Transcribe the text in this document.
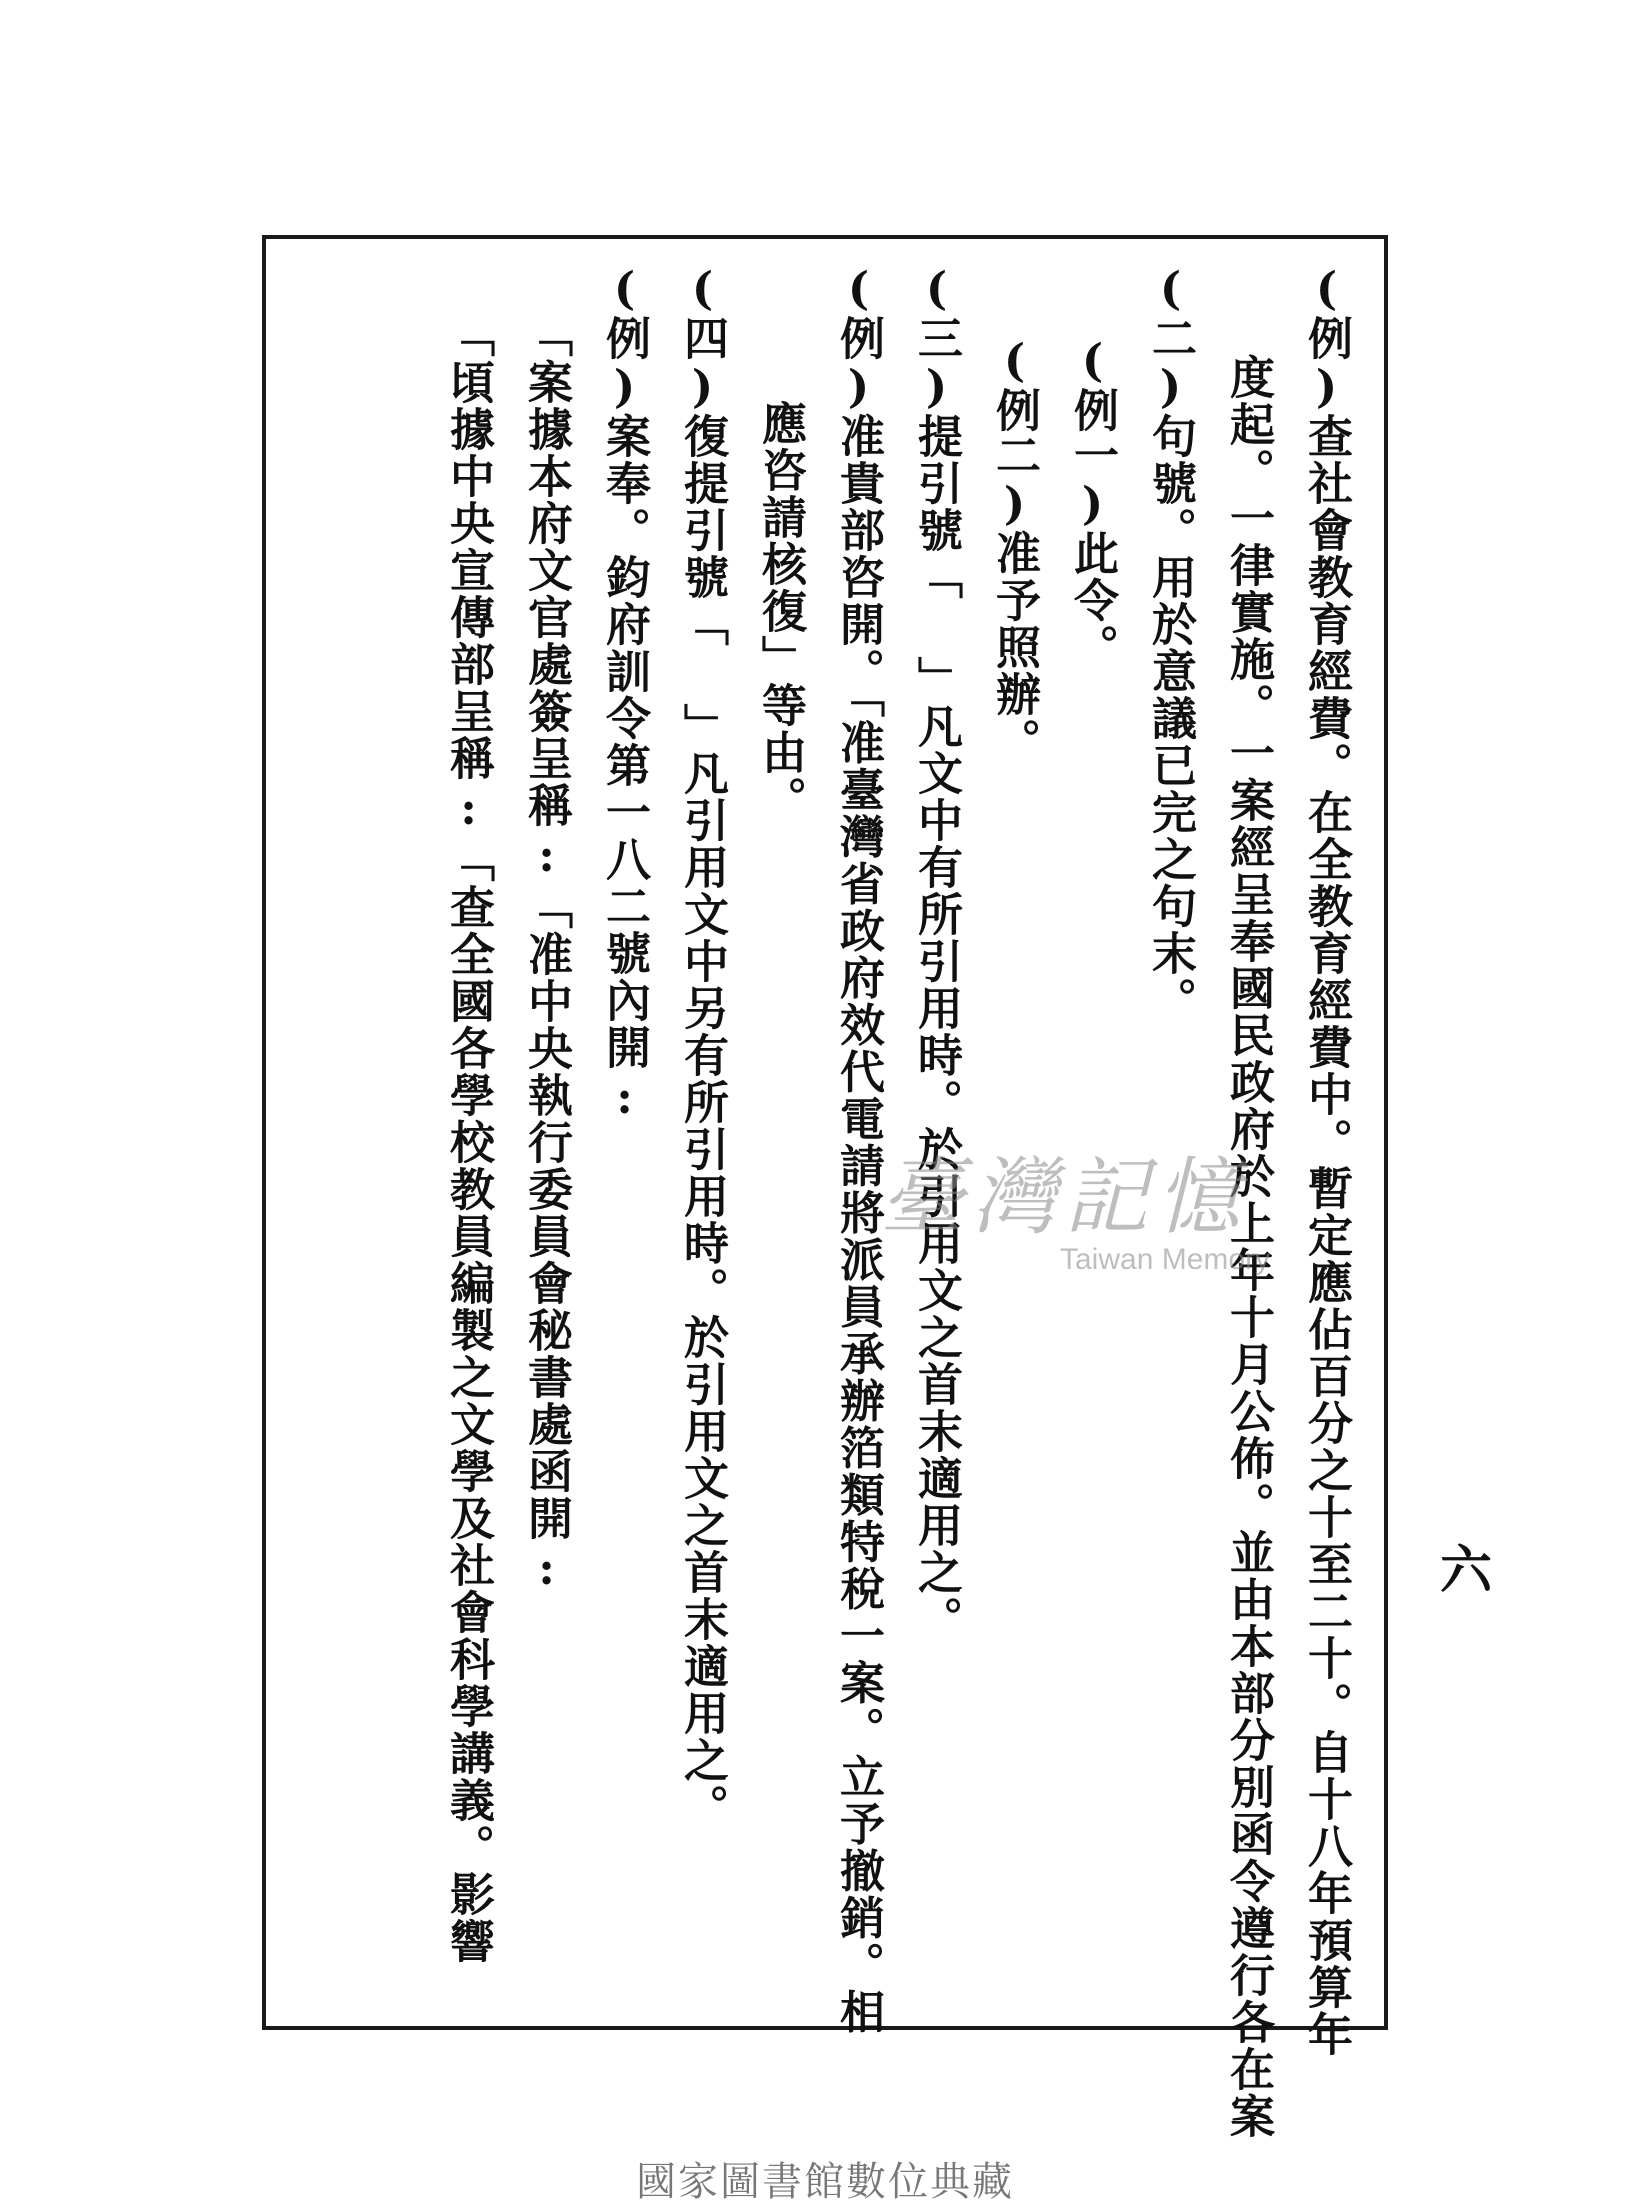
(例)查社會教育經費。在全教育經費中。暫定應佔百分之十至二十。自十八年預算年
度起。一律實施。一案經呈奉國民政府於上年十月公佈。並由本部分別函令遵行各在案
(二)句號。用於意議已完之句末。
(例一)此令。
(例二)准予照辦。
(三)提引號「 」凡文中有所引用時。於引用文之首末適用之。
(例)准貴部咨開。「准臺灣省政府效代電請將派員承辦箔類特稅一案。立予撤銷。相
應咨請核復」等由。
(四)復提引號「 」凡引用文中另有所引用時。於引用文之首末適用之。
(例)案奉。鈞府訓令第一八二號內開:
「案據本府文官處簽呈稱:「准中央執行委員會秘書處函開:
「頃據中央宣傳部呈稱:「查全國各學校教員編製之文學及社會科學講義。影響	六
臺灣記憶
Taiwan Memory
國家圖書館數位典藏
